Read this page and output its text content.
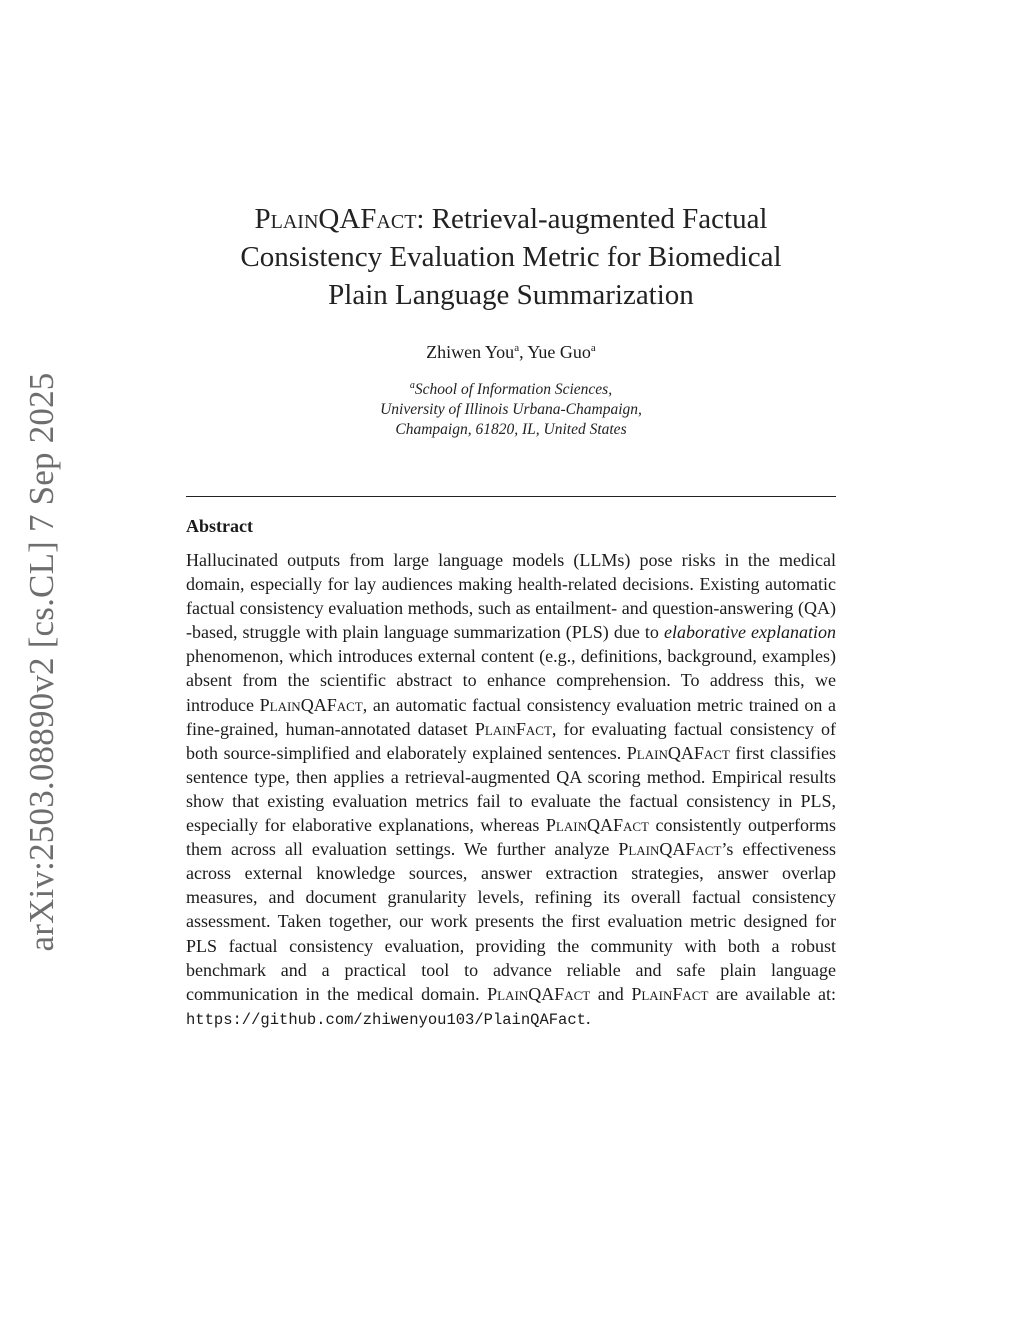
arXiv:2503.08890v2 [cs.CL] 7 Sep 2025
PlainQAFact: Retrieval-augmented Factual
Consistency Evaluation Metric for Biomedical
Plain Language Summarization
Zhiwen You$^a$, Yue Guo$^a$
$^a$School of Information Sciences,
University of Illinois Urbana-Champaign,
Champaign, 61820, IL, United States
Abstract
Hallucinated outputs from large language models (LLMs) pose risks in the medical domain, especially for lay audiences making health-related decisions. Existing automatic factual consistency evaluation methods, such as entailment- and question-answering (QA) -based, struggle with plain language summarization (PLS) due to elaborative explanation phenomenon, which introduces external content (e.g., definitions, background, examples) absent from the scientific abstract to enhance comprehension. To address this, we introduce PlainQAFact, an automatic factual consistency evaluation metric trained on a fine-grained, human-annotated dataset PlainFact, for evaluating factual consistency of both source-simplified and elaborately explained sentences. PlainQAFact first classifies sentence type, then applies a retrieval-augmented QA scoring method. Empirical results show that existing evaluation metrics fail to evaluate the factual consistency in PLS, especially for elaborative explanations, whereas PlainQAFact consistently outperforms them across all evaluation settings. We further analyze PlainQAFact’s effectiveness across external knowledge sources, answer extraction strategies, answer overlap measures, and document granularity levels, refining its overall factual consistency assessment. Taken together, our work presents the first evaluation metric designed for PLS factual consistency evaluation, providing the community with both a robust benchmark and a practical tool to advance reliable and safe plain language communication in the medical domain. PlainQAFact and PlainFact are available at: https://github.com/zhiwenyou103/PlainQAFact.
